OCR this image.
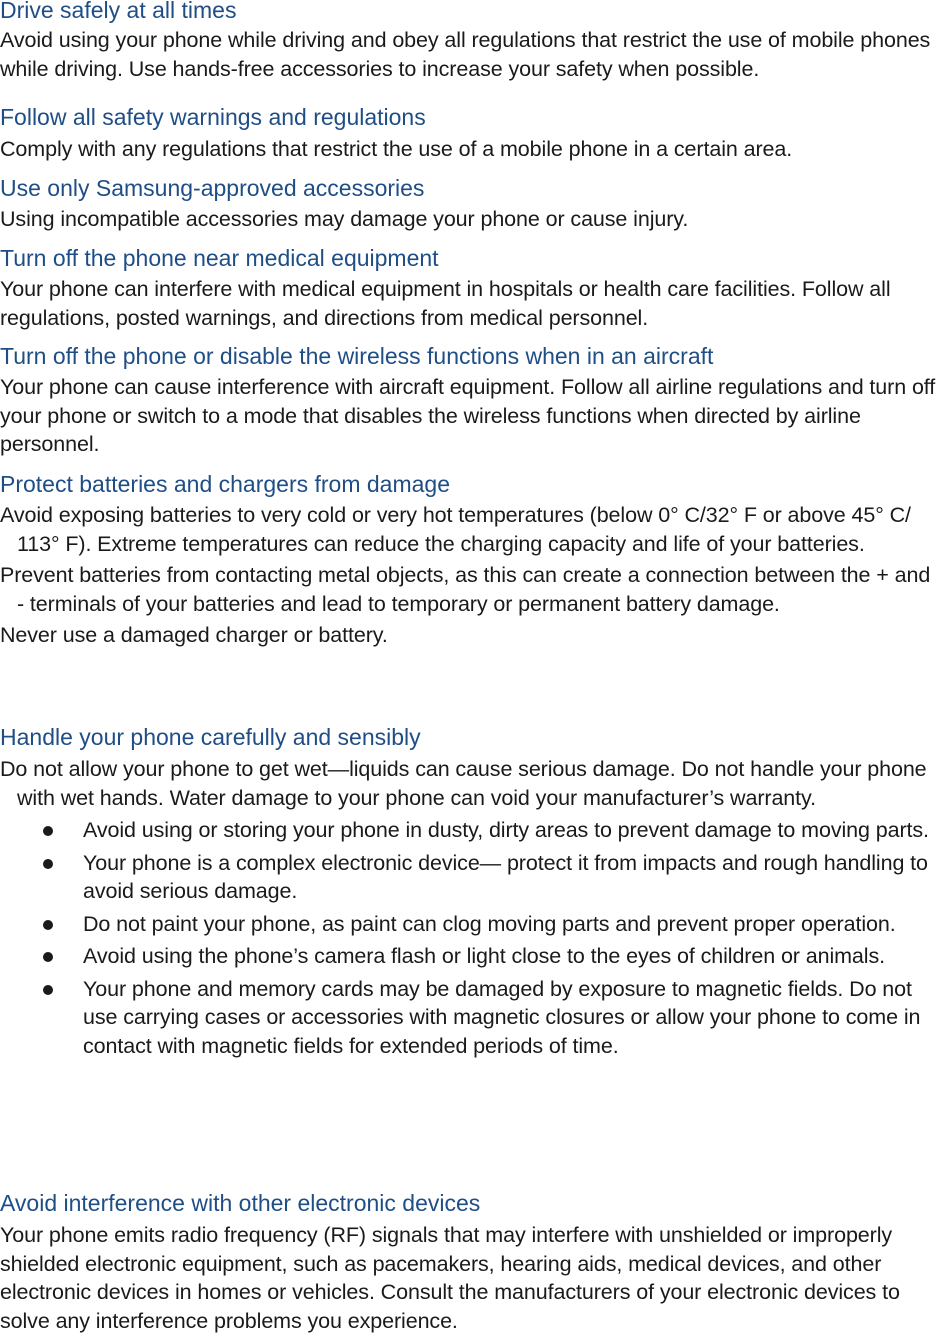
Drive safely at all times

Avoid using your phone while driving and obey all regulations that restrict the use of mobile phones while driving. Use hands-free accessories to increase your safety when possible.

Follow all safety warnings and regulations

Comply with any regulations that restrict the use of a mobile phone in a certain area.

Use only Samsung-approved accessories

Using incompatible accessories may damage your phone or cause injury.

Turn off the phone near medical equipment

Your phone can interfere with medical equipment in hospitals or health care facilities. Follow all regulations, posted warnings, and directions from medical personnel.

Turn off the phone or disable the wireless functions when in an aircraft

Your phone can cause interference with aircraft equipment. Follow all airline regulations and turn off your phone or switch to a mode that disables the wireless functions when directed by airline personnel.

Protect batteries and chargers from damage

Avoid exposing batteries to very cold or very hot temperatures (below 0° C/32° F or above 45° C/ 113° F). Extreme temperatures can reduce the charging capacity and life of your batteries.

Prevent batteries from contacting metal objects, as this can create a connection between the + and - terminals of your batteries and lead to temporary or permanent battery damage.

Never use a damaged charger or battery.

Handle your phone carefully and sensibly

Do not allow your phone to get wet—liquids can cause serious damage. Do not handle your phone with wet hands. Water damage to your phone can void your manufacturer’s warranty.

Avoid using or storing your phone in dusty, dirty areas to prevent damage to moving parts.
Your phone is a complex electronic device— protect it from impacts and rough handling to avoid serious damage.
Do not paint your phone, as paint can clog moving parts and prevent proper operation.
Avoid using the phone’s camera flash or light close to the eyes of children or animals.
Your phone and memory cards may be damaged by exposure to magnetic fields. Do not use carrying cases or accessories with magnetic closures or allow your phone to come in contact with magnetic fields for extended periods of time.
Avoid interference with other electronic devices

Your phone emits radio frequency (RF) signals that may interfere with unshielded or improperly shielded electronic equipment, such as pacemakers, hearing aids, medical devices, and other electronic devices in homes or vehicles. Consult the manufacturers of your electronic devices to solve any interference problems you experience.
